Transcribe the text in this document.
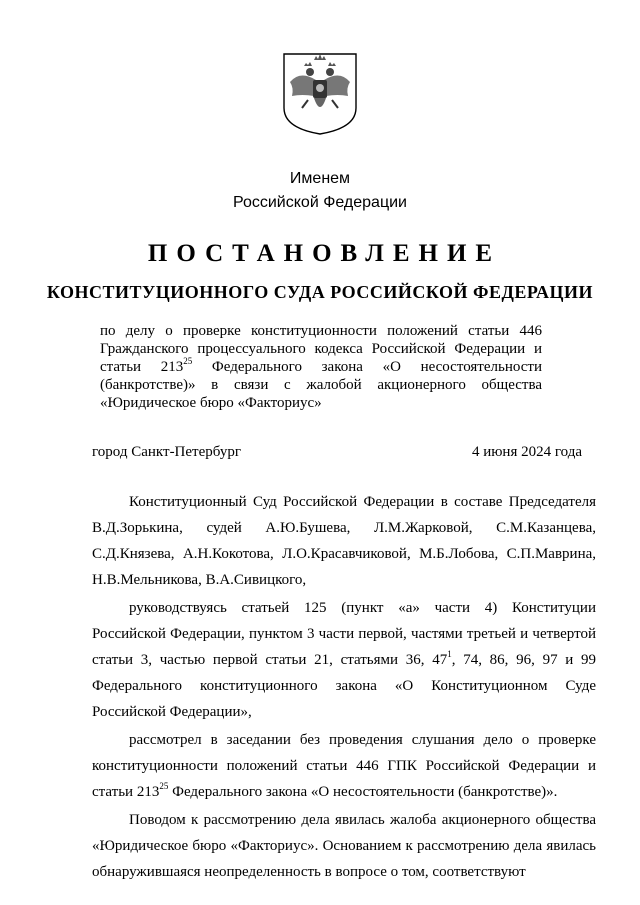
Именем
Российской Федерации
ПОСТАНОВЛЕНИЕ
КОНСТИТУЦИОННОГО СУДА РОССИЙСКОЙ ФЕДЕРАЦИИ

по делу о проверке конституционности положений статьи 446 Гражданского процессуального кодекса Российской Федерации и статьи $213^{25}$ Федерального закона «О несостоятельности (банкротстве)» в связи с жалобой акционерного общества «Юридическое бюро «Факториус»

город Санкт-Петербург	4 июня 2024 года

Конституционный Суд Российской Федерации в составе Председателя В.Д.Зорькина, судей А.Ю.Бушева, Л.М.Жарковой, С.М.Казанцева, С.Д.Князева, А.Н.Кокотова, Л.О.Красавчиковой, М.Б.Лобова, С.П.Маврина, Н.В.Мельникова, В.А.Сивицкого,

руководствуясь статьей 125 (пункт «а» части 4) Конституции Российской Федерации, пунктом 3 части первой, частями третьей и четвертой статьи 3, частью первой статьи 21, статьями 36, $47^1$, 74, 86, 96, 97 и 99 Федерального конституционного закона «О Конституционном Суде Российской Федерации»,

рассмотрел в заседании без проведения слушания дело о проверке конституционности положений статьи 446 ГПК Российской Федерации и статьи $213^{25}$ Федерального закона «О несостоятельности (банкротстве)».

Поводом к рассмотрению дела явилась жалоба акционерного общества «Юридическое бюро «Факториус». Основанием к рассмотрению дела явилась обнаружившаяся неопределенность в вопросе о том, соответствуют
